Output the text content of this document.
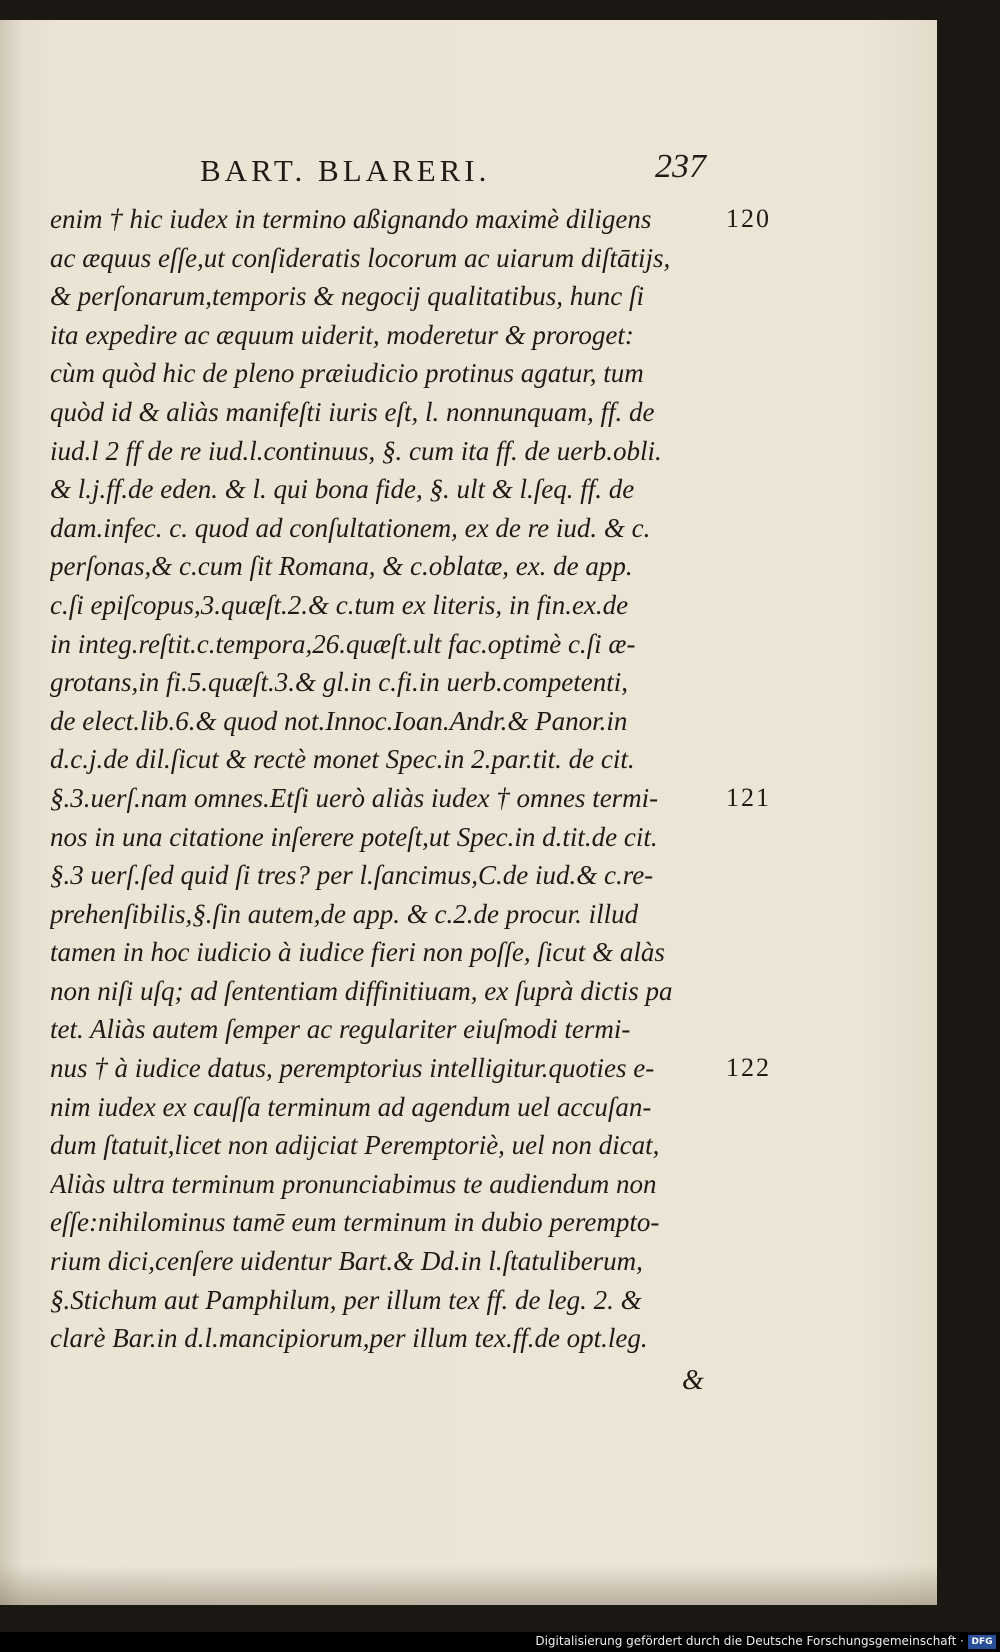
BART. BLARERI.	237
enim † hic iudex in termino aßignando maximè diligens
ac æquus eſſe,ut conſideratis locorum ac uiarum diſtātijs,
& perſonarum,temporis & negocij qualitatibus, hunc ſi
ita expedire ac æquum uiderit, moderetur & proroget:
cùm quòd hic de pleno præiudicio protinus agatur, tum
quòd id & aliàs manifeſti iuris eſt, l. nonnunquam, ff. de
iud.l 2 ff de re iud.l.continuus, §. cum ita ff. de uerb.obli.
& l.j.ff.de eden. & l. qui bona fide, §. ult & l.ſeq. ff. de
dam.infec. c. quod ad conſultationem, ex de re iud. & c.
perſonas,& c.cum ſit Romana, & c.oblatæ, ex. de app.
c.ſi epiſcopus,3.quæſt.2.& c.tum ex literis, in fin.ex.de
in integ.reſtit.c.tempora,26.quæſt.ult fac.optimè c.ſi æ-
grotans,in fi.5.quæſt.3.& gl.in c.fi.in uerb.competenti,
de elect.lib.6.& quod not.Innoc.Ioan.Andr.& Panor.in
d.c.j.de dil.ſicut & rectè monet Spec.in 2.par.tit. de cit.
§.3.uerſ.nam omnes.Etſi uerò aliàs iudex † omnes termi-
nos in una citatione inſerere poteſt,ut Spec.in d.tit.de cit.
§.3 uerſ.ſed quid ſi tres? per l.ſancimus,C.de iud.& c.re-
prehenſibilis,§.ſin autem,de app. & c.2.de procur. illud
tamen in hoc iudicio à iudice fieri non poſſe, ſicut & alàs
non niſi uſq; ad ſententiam diffinitiuam, ex ſuprà dictis pa
tet. Aliàs autem ſemper ac regulariter eiuſmodi termi-
nus † à iudice datus, peremptorius intelligitur.quoties e-
nim iudex ex cauſſa terminum ad agendum uel accuſan-
dum ſtatuit,licet non adijciat Peremptoriè, uel non dicat,
Aliàs ultra terminum pronunciabimus te audiendum non
eſſe:nihilominus tamē eum terminum in dubio perempto-
rium dici,cenſere uidentur Bart.& Dd.in l.ſtatuliberum,
§.Stichum aut Pamphilum, per illum tex ff. de leg. 2. &
clarè Bar.in d.l.mancipiorum,per illum tex.ff.de opt.leg.
&
120
121
122
Digitalisierung gefördert durch die Deutsche Forschungsgemeinschaft · DFG
